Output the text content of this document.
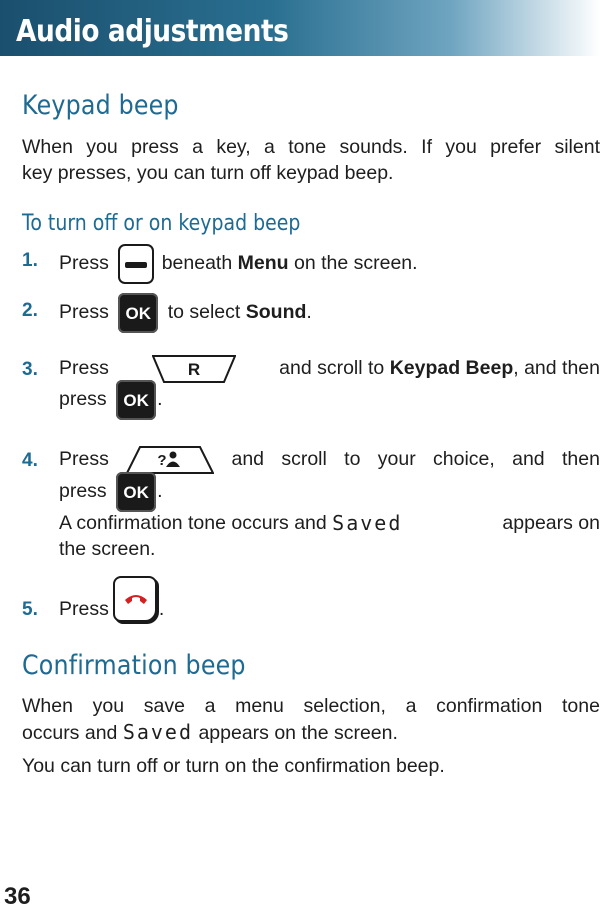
Audio adjustments
Keypad beep
When you press a key, a tone sounds. If you prefer silent
key presses, you can turn off keypad beep.
To turn off or on keypad beep
1. Press	beneath Menu on the screen.
2. Press OK to select Sound.
3. Press	R	and scroll to
Keypad Beep , and then
press OK .
4. Press	?	and scroll to your choice, and then
press OK .
A confirmation tone occurs and
Saved	appears on
the screen.
5. Press	.
Confirmation beep
When you save a menu selection, a confirmation tone
occurs and Saved appears on the screen.
You can turn off or turn on the confirmation beep.
36
